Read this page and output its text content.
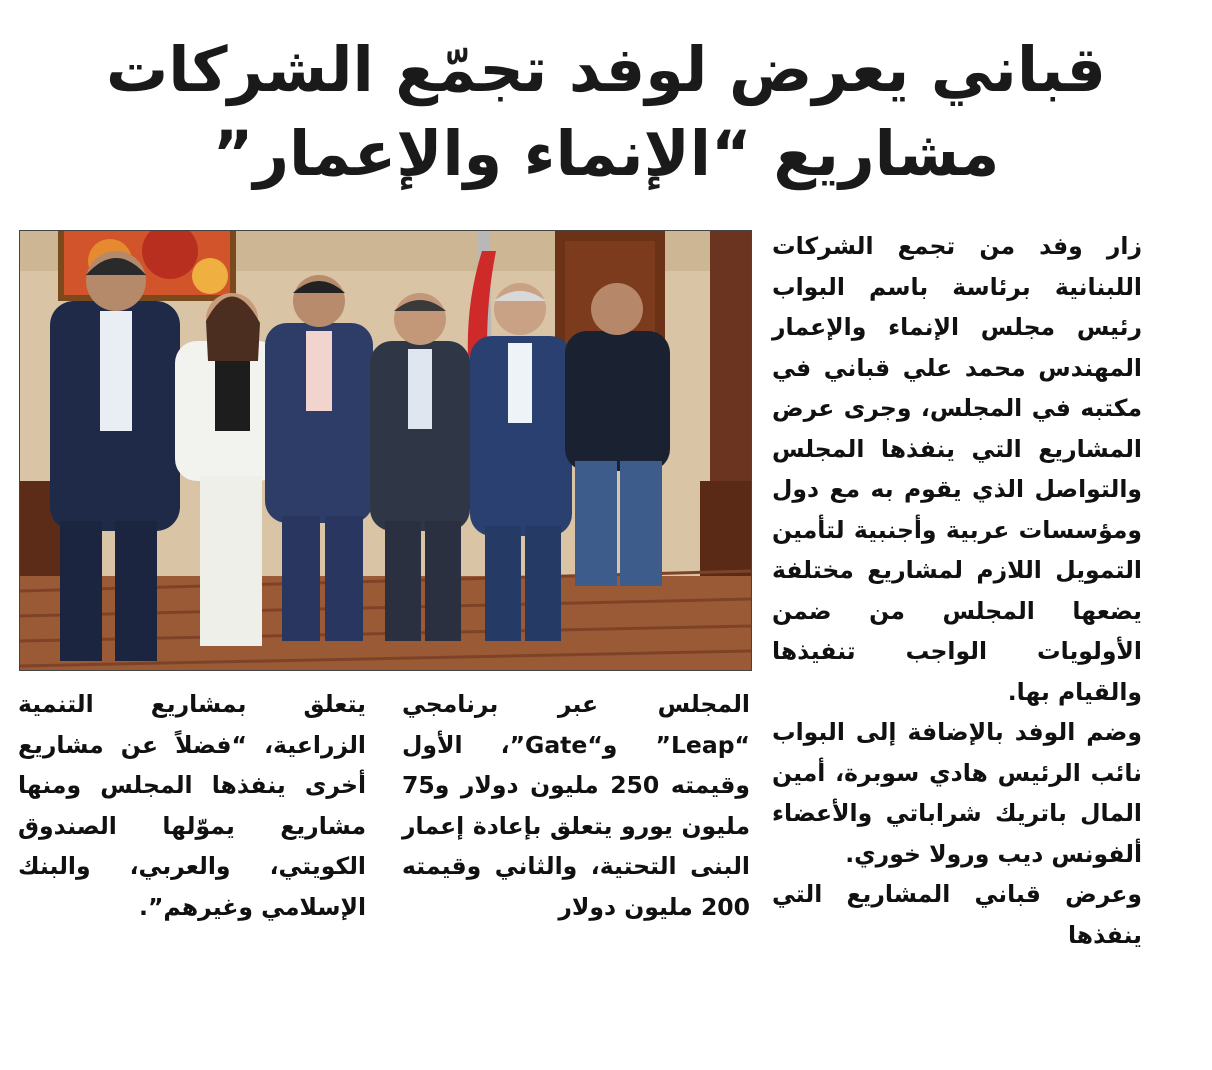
قباني يعرض لوفد تجمّع الشركات
مشاريع “الإنماء والإعمار”

زار وفد من تجمع الشركات اللبنانية برئاسة باسم البواب رئيس مجلس الإنماء والإعمار المهندس محمد علي قباني في مكتبه في المجلس، وجرى عرض المشاريع التي ينفذها المجلس والتواصل الذي يقوم به مع دول ومؤسسات عربية وأجنبية لتأمين التمويل اللازم لمشاريع مختلفة يضعها المجلس من ضمن الأولويات الواجب تنفيذها والقيام بها.

وضم الوفد بالإضافة إلى البواب نائب الرئيس هادي سوبرة، أمين المال باتريك شراباتي والأعضاء ألفونس ديب ورولا خوري.

وعرض قباني المشاريع التي ينفذها

المجلس عبر برنامجي “Leap” و“Gate”، الأول وقيمته 250 مليون دولار و75 مليون يورو يتعلق بإعادة إعمار البنى التحتية، والثاني وقيمته 200 مليون دولار

يتعلق بمشاريع التنمية الزراعية، “فضلاً عن مشاريع أخرى ينفذها المجلس ومنها مشاريع يموّلها الصندوق الكويتي، والعربي، والبنك الإسلامي وغيرهم”.
